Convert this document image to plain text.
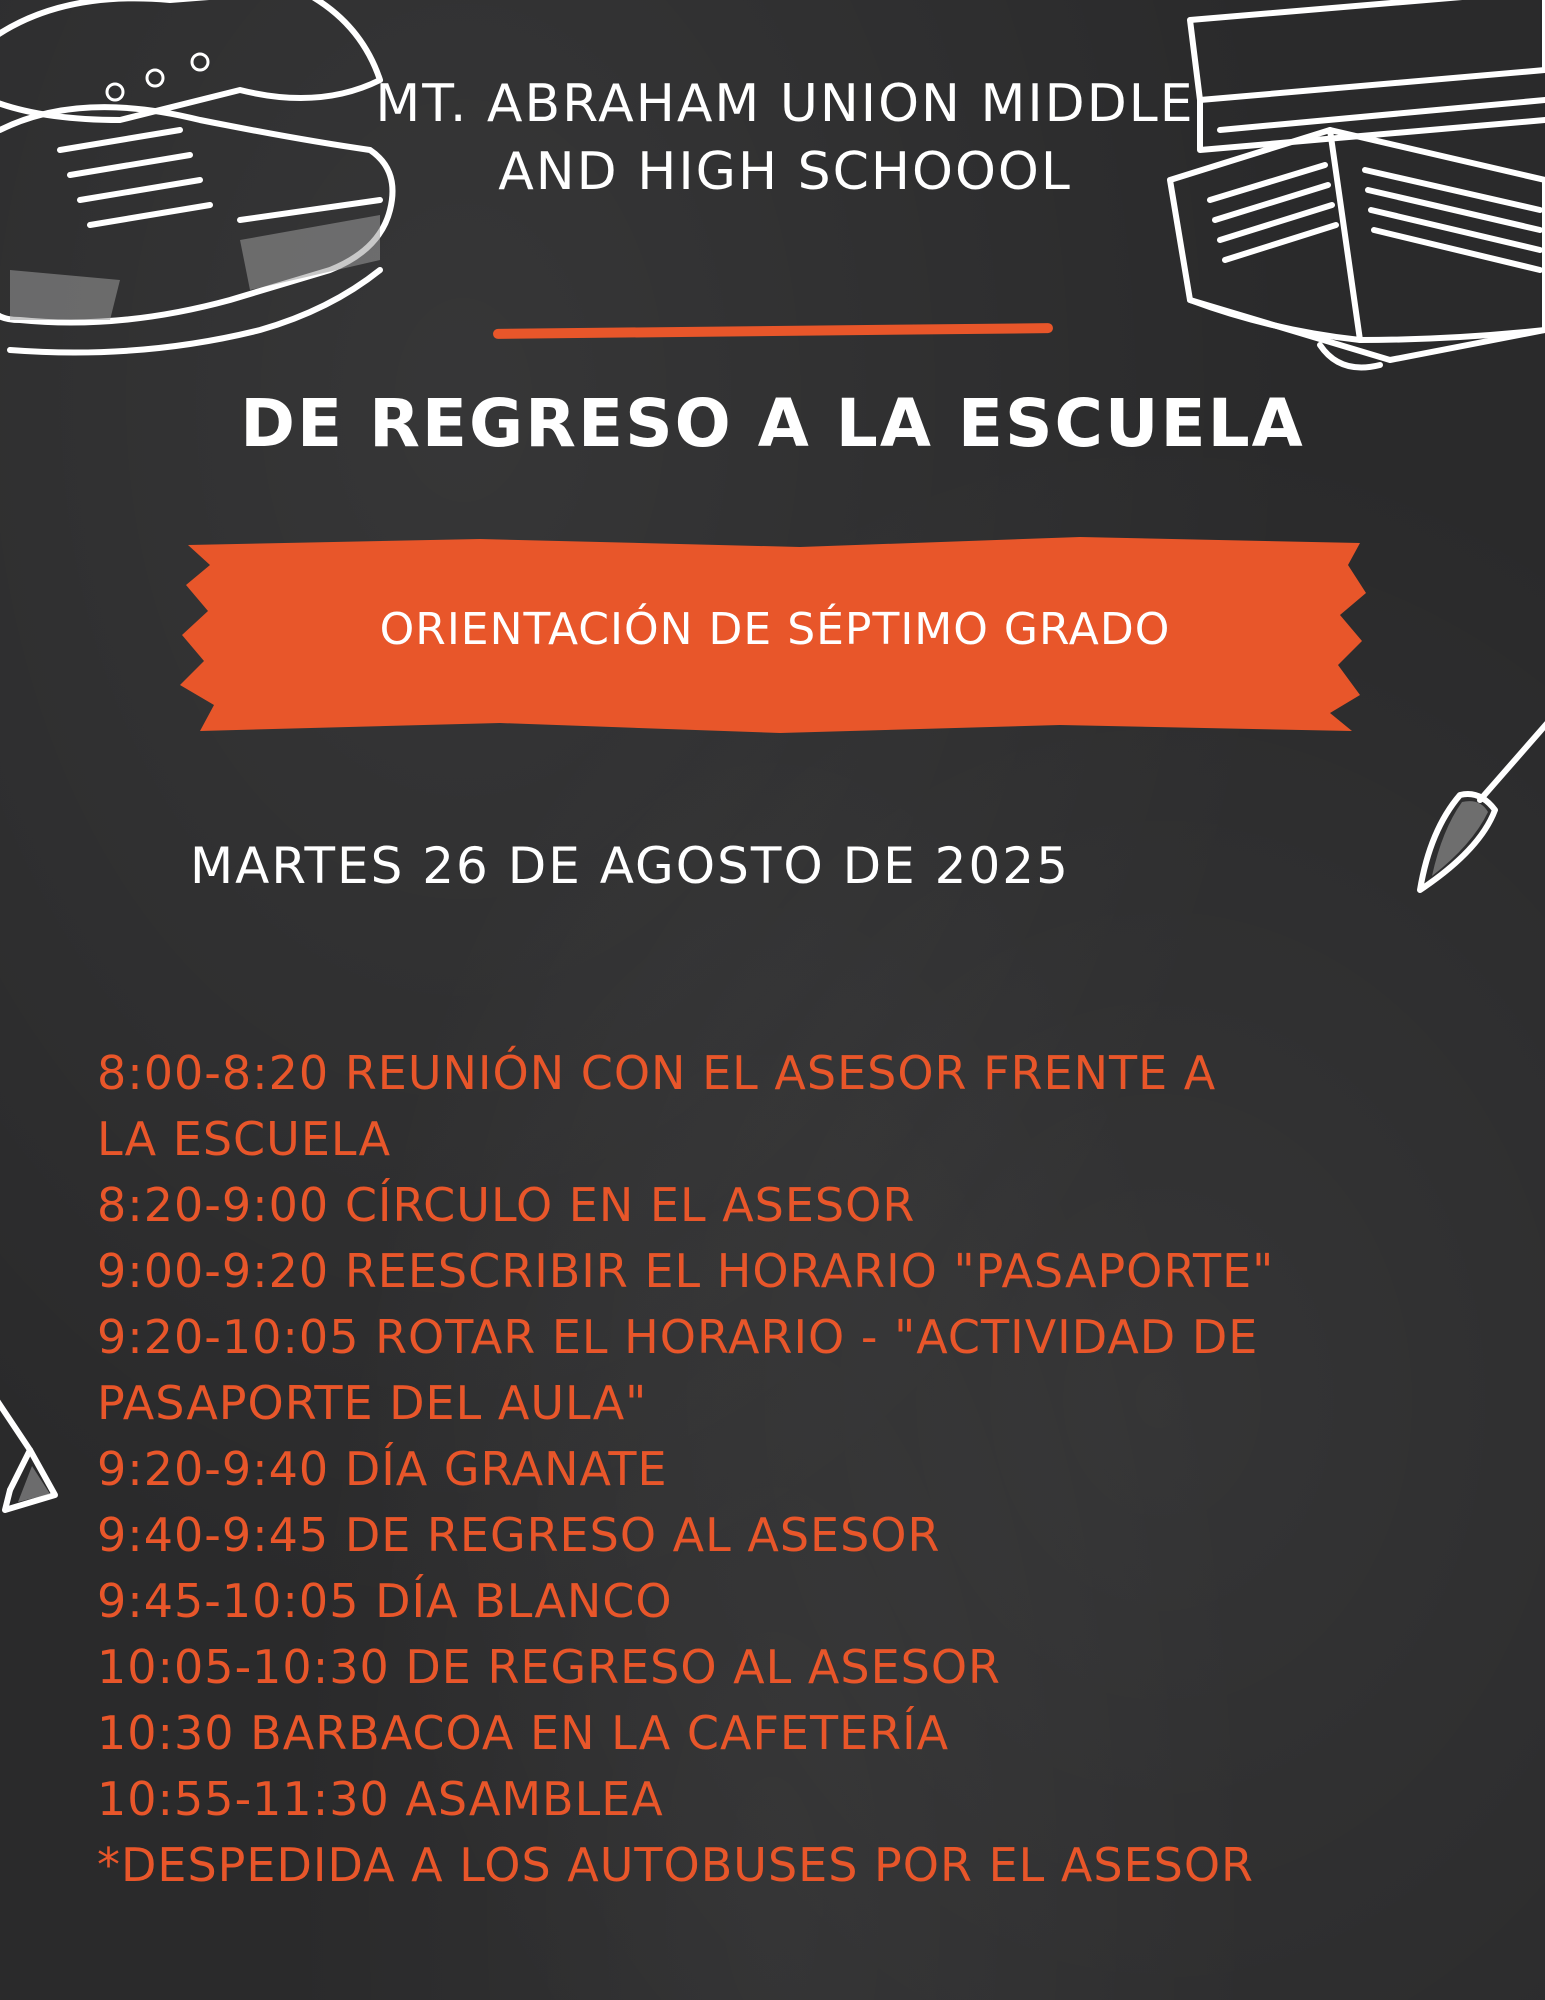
MT. ABRAHAM UNION MIDDLE AND HIGH SCHOOOL
DE REGRESO A LA ESCUELA
ORIENTACIÓN DE SÉPTIMO GRADO
MARTES 26 DE AGOSTO DE 2025
8:00-8:20 REUNIÓN CON EL ASESOR FRENTE A
LA ESCUELA
8:20-9:00 CÍRCULO EN EL ASESOR
9:00-9:20 REESCRIBIR EL HORARIO "PASAPORTE"
9:20-10:05 ROTAR EL HORARIO - "ACTIVIDAD DE
PASAPORTE DEL AULA"
9:20-9:40 DÍA GRANATE
9:40-9:45 DE REGRESO AL ASESOR
9:45-10:05 DÍA BLANCO
10:05-10:30 DE REGRESO AL ASESOR
10:30 BARBACOA EN LA CAFETERÍA
10:55-11:30 ASAMBLEA
*DESPEDIDA A LOS AUTOBUSES POR EL ASESOR
